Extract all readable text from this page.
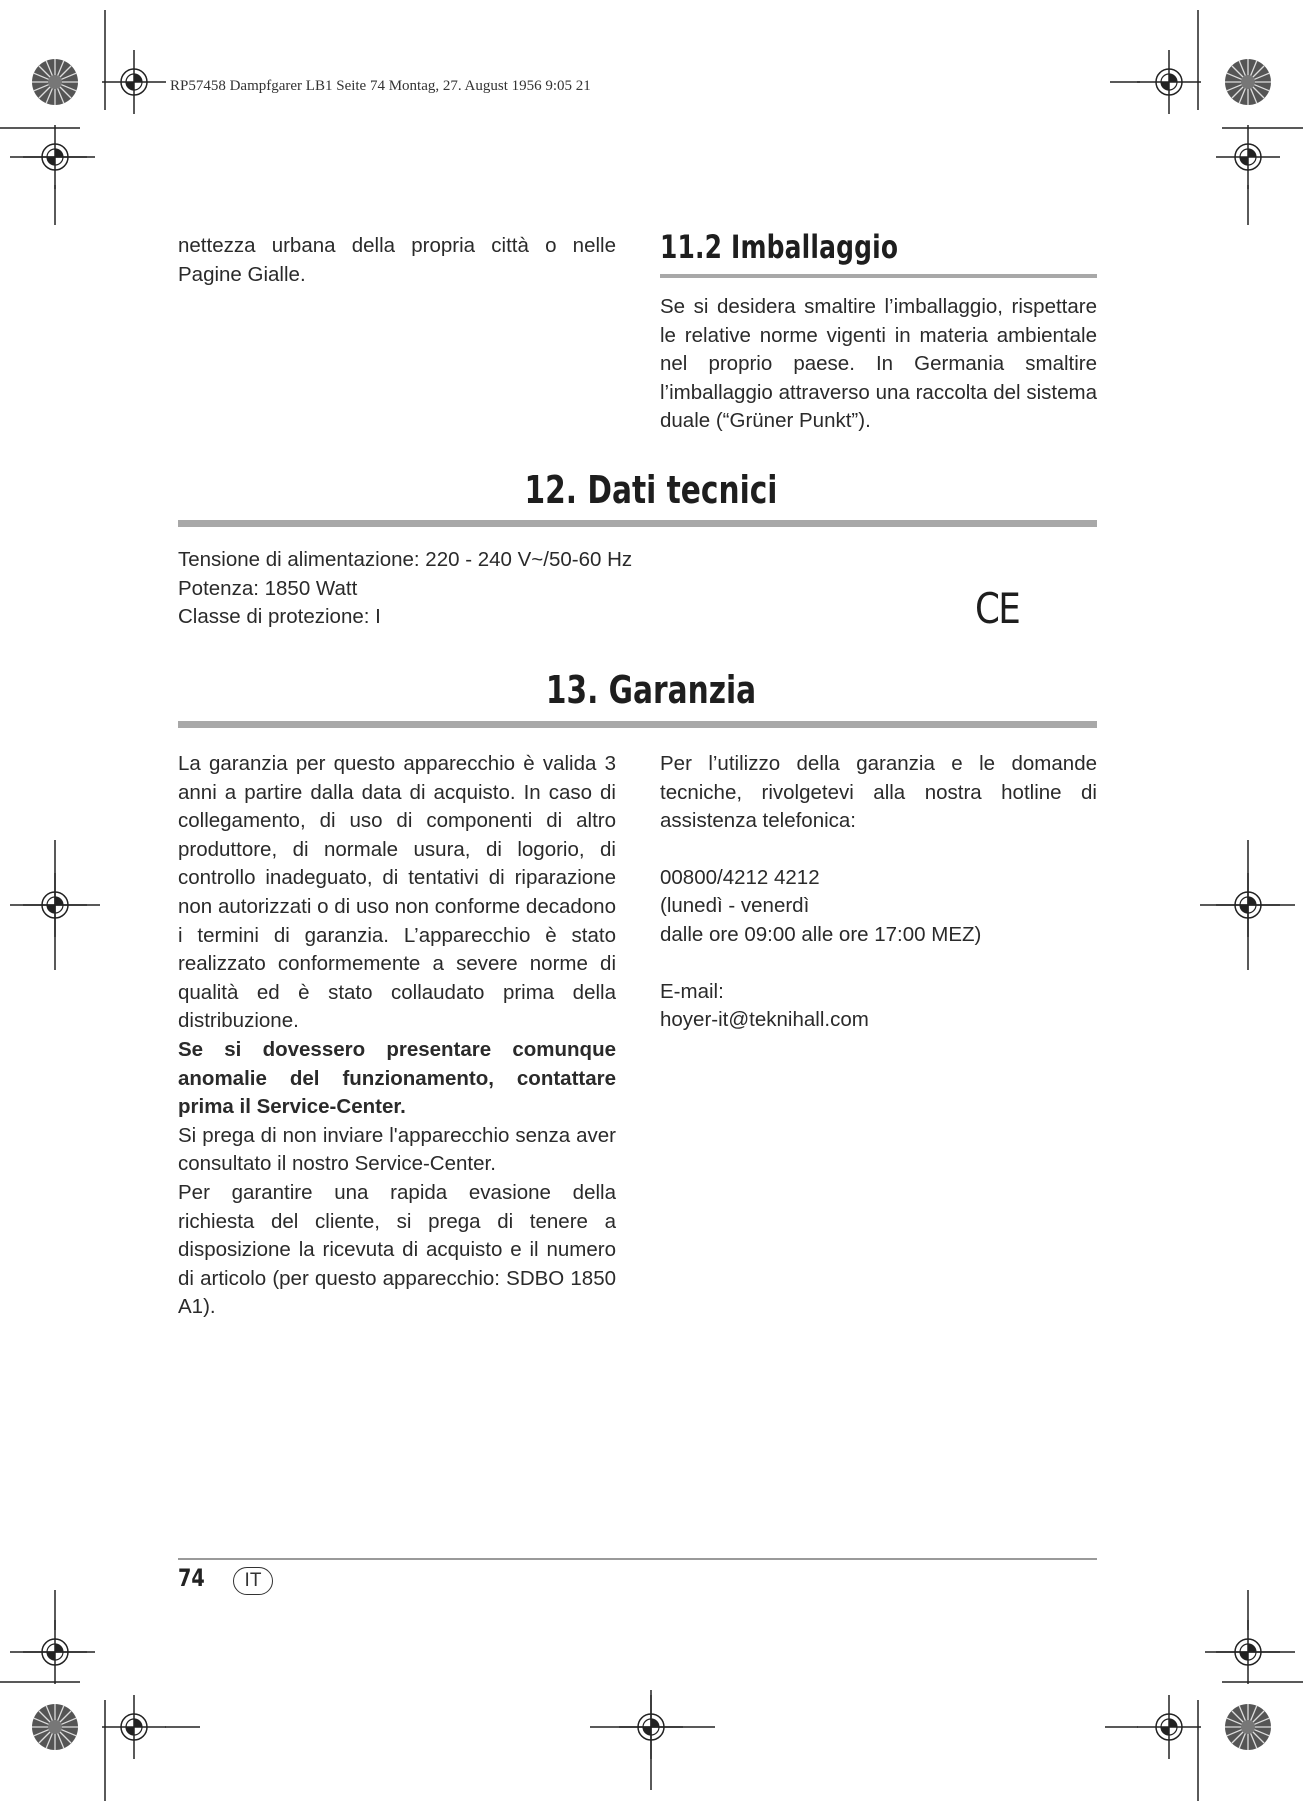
RP57458 Dampfgarer LB1 Seite 74 Montag, 27. August 1956 9:05 21

nettezza urbana della propria città o nelle Pagine Gialle.

11.2 Imballaggio

Se si desidera smaltire l’imballaggio, rispettare le relative norme vigenti in materia ambientale nel proprio paese. In Germania smaltire l’imballaggio attraverso una raccolta del sistema duale (“Grüner Punkt”).

12. Dati tecnici
Tensione di alimentazione: 220 - 240 V~/50-60 Hz
Potenza: 1850 Watt
Classe di protezione: I	CE
13. Garanzia

La garanzia per questo apparecchio è valida 3 anni a partire dalla data di acquisto. In caso di collegamento, di uso di componenti di altro produttore, di normale usura, di logorio, di controllo inadeguato, di tentativi di riparazione non autorizzati o di uso non conforme decadono i termini di garanzia. L’apparecchio è stato realizzato conformemente a severe norme di qualità ed è stato collaudato prima della distribuzione.

Se si dovessero presentare comunque anomalie del funzionamento, contattare prima il Service-Center.

Si prega di non inviare l'apparecchio senza aver consultato il nostro Service-Center.

Per garantire una rapida evasione della richiesta del cliente, si prega di tenere a disposizione la ricevuta di acquisto e il numero di articolo (per questo apparecchio: SDBO 1850 A1).

Per l’utilizzo della garanzia e le domande tecniche, rivolgetevi alla nostra hotline di assistenza telefonica:

00800/4212 4212
(lunedì - venerdì
dalle ore 09:00 alle ore 17:00 MEZ)
E-mail:
hoyer-it@teknihall.com
74	IT
